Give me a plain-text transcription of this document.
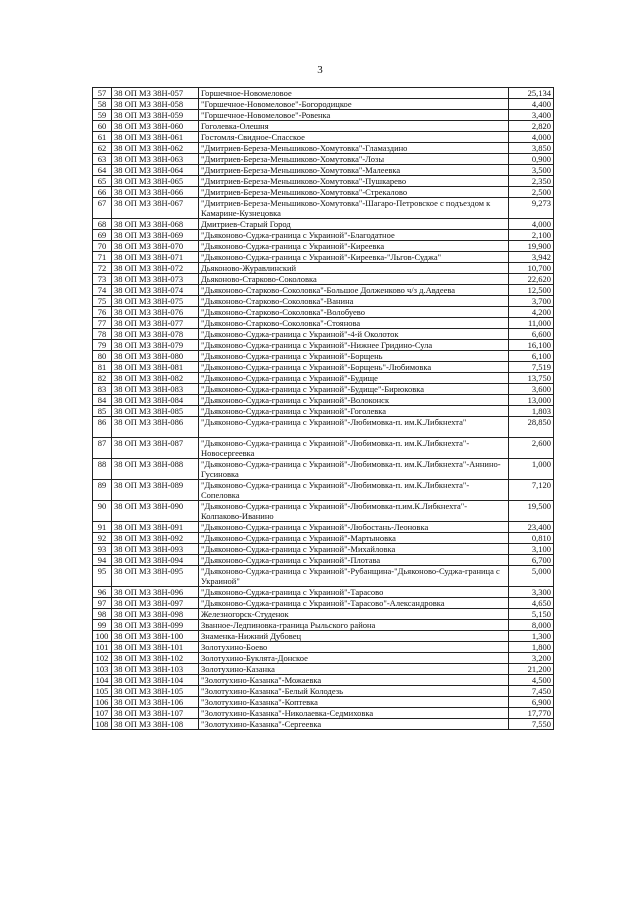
3
57	38 ОП МЗ 38Н-057	Горшечное-Новомеловое	25,134
58	38 ОП МЗ 38Н-058	"Горшечное-Новомеловое"-Богородицкое	4,400
59	38 ОП МЗ 38Н-059	"Горшечное-Новомеловое"-Ровенка	3,400
60	38 ОП МЗ 38Н-060	Гоголевка-Олешня	2,820
61	38 ОП МЗ 38Н-061	Гостомля-Свидное-Спасское	4,000
62	38 ОП МЗ 38Н-062	"Дмитриев-Береза-Меньшиково-Хомутовка"-Гламаздино	3,850
63	38 ОП МЗ 38Н-063	"Дмитриев-Береза-Меньшиково-Хомутовка"-Лозы	0,900
64	38 ОП МЗ 38Н-064	"Дмитриев-Береза-Меньшиково-Хомутовка"-Малеевка	3,500
65	38 ОП МЗ 38Н-065	"Дмитриев-Береза-Меньшиково-Хомутовка"-Пушкарево	2,350
66	38 ОП МЗ 38Н-066	"Дмитриев-Береза-Меньшиково-Хомутовка"-Стрекалово	2,500
67	38 ОП МЗ 38Н-067	"Дмитриев-Береза-Меньшиково-Хомутовка"-Шагаро-Петровское с подъездом к Камарине-Кузнецовка	9,273
68	38 ОП МЗ 38Н-068	Дмитриев-Старый Город	4,000
69	38 ОП МЗ 38Н-069	"Дьяконово-Суджа-граница с Украиной"-Благодатное	2,100
70	38 ОП МЗ 38Н-070	"Дьяконово-Суджа-граница с Украиной"-Киреевка	19,900
71	38 ОП МЗ 38Н-071	"Дьяконово-Суджа-граница с Украиной"-Киреевка-"Льгов-Суджа"	3,942
72	38 ОП МЗ 38Н-072	Дьяконово-Журавлинский	10,700
73	38 ОП МЗ 38Н-073	Дьяконово-Старково-Соколовка	22,620
74	38 ОП МЗ 38Н-074	"Дьяконово-Старково-Соколовка"-Большое Долженково ч/з д.Авдеева	12,500
75	38 ОП МЗ 38Н-075	"Дьяконово-Старково-Соколовка"-Ванина	3,700
76	38 ОП МЗ 38Н-076	"Дьяконово-Старково-Соколовка"-Волобуево	4,200
77	38 ОП МЗ 38Н-077	"Дьяконово-Старково-Соколовка"-Стоянова	11,000
78	38 ОП МЗ 38Н-078	"Дьяконово-Суджа-граница с Украиной"-4-й Околоток	6,600
79	38 ОП МЗ 38Н-079	"Дьяконово-Суджа-граница с Украиной"-Нижнее Гридино-Сула	16,100
80	38 ОП МЗ 38Н-080	"Дьяконово-Суджа-граница с Украиной"-Борщень	6,100
81	38 ОП МЗ 38Н-081	"Дьяконово-Суджа-граница с Украиной"-Борщень"-Любимовка	7,519
82	38 ОП МЗ 38Н-082	"Дьяконово-Суджа-граница с Украиной"-Будище	13,750
83	38 ОП МЗ 38Н-083	"Дьяконово-Суджа-граница с Украиной"-Будище"-Бирюковка	3,600
84	38 ОП МЗ 38Н-084	"Дьяконово-Суджа-граница с Украиной"-Волоконск	13,000
85	38 ОП МЗ 38Н-085	"Дьяконово-Суджа-граница с Украиной"-Гоголевка	1,803
86	38 ОП МЗ 38Н-086	"Дьяконово-Суджа-граница с Украиной"-Любимовка-п. им.К.Либкнехта"	28,850
87	38 ОП МЗ 38Н-087	"Дьяконово-Суджа-граница с Украиной"-Любимовка-п. им.К.Либкнехта"-Новосергеевка	2,600
88	38 ОП МЗ 38Н-088	"Дьяконово-Суджа-граница с Украиной"-Любимовка-п. им.К.Либкнехта"-Аннино-Гусиновка	1,000
89	38 ОП МЗ 38Н-089	"Дьяконово-Суджа-граница с Украиной"-Любимовка-п. им.К.Либкнехта"-Сопеловка	7,120
90	38 ОП МЗ 38Н-090	"Дьяконово-Суджа-граница с Украиной"-Любимовка-п.им.К.Либкнехта"-Колпаково-Иванино	19,500
91	38 ОП МЗ 38Н-091	"Дьяконово-Суджа-граница с Украиной"-Любостань-Леоновка	23,400
92	38 ОП МЗ 38Н-092	"Дьяконово-Суджа-граница с Украиной"-Мартыновка	0,810
93	38 ОП МЗ 38Н-093	"Дьяконово-Суджа-граница с Украиной"-Михайловка	3,100
94	38 ОП МЗ 38Н-094	"Дьяконово-Суджа-граница с Украиной"-Плотава	6,700
95	38 ОП МЗ 38Н-095	"Дьяконово-Суджа-граница с Украиной"-Рубанщина-"Дьяконово-Суджа-граница с Украиной"	5,000
96	38 ОП МЗ 38Н-096	"Дьяконово-Суджа-граница с Украиной"-Тарасово	3,300
97	38 ОП МЗ 38Н-097	"Дьяконово-Суджа-граница с Украиной"-Тарасово"-Александровка	4,650
98	38 ОП МЗ 38Н-098	Железногорск-Студенок	5,150
99	38 ОП МЗ 38Н-099	Званное-Ледпиновка-граница Рыльского района	8,000
100	38 ОП МЗ 38Н-100	Знаменка-Нижний Дубовец	1,300
101	38 ОП МЗ 38Н-101	Золотухино-Боево	1,800
102	38 ОП МЗ 38Н-102	Золотухино-Буклята-Донское	3,200
103	38 ОП МЗ 38Н-103	Золотухино-Казанка	21,200
104	38 ОП МЗ 38Н-104	"Золотухино-Казанка"-Можаевка	4,500
105	38 ОП МЗ 38Н-105	"Золотухино-Казанка"-Белый Колодезь	7,450
106	38 ОП МЗ 38Н-106	"Золотухино-Казанка"-Коптевка	6,900
107	38 ОП МЗ 38Н-107	"Золотухино-Казанка"-Николаевка-Седмиховка	17,770
108	38 ОП МЗ 38Н-108	"Золотухино-Казанка"-Сергеевка	7,550
